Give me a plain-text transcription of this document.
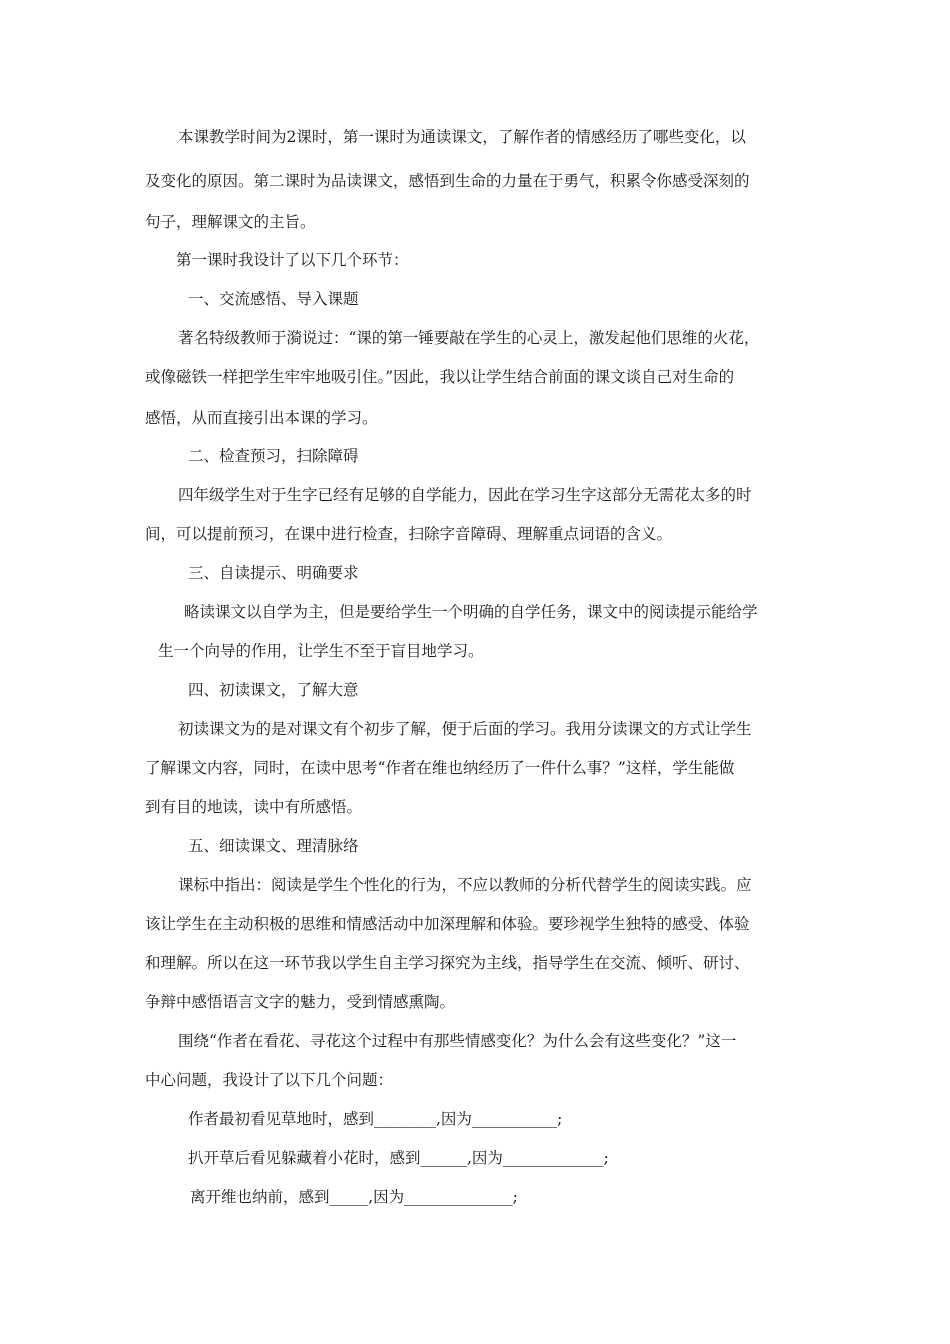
本课教学时间为2课时，第一课时为通读课文，了解作者的情感经历了哪些变化，以
及变化的原因。第二课时为品读课文，感悟到生命的力量在于勇气，积累令你感受深刻的
句子，理解课文的主旨。
第一课时我设计了以下几个环节：
一、交流感悟、导入课题
著名特级教师于漪说过：“课的第一锤要敲在学生的心灵上，激发起他们思维的火花，
或像磁铁一样把学生牢牢地吸引住。”因此，我以让学生结合前面的课文谈自己对生命的
感悟，从而直接引出本课的学习。
二、检查预习，扫除障碍
四年级学生对于生字已经有足够的自学能力，因此在学习生字这部分无需花太多的时
间，可以提前预习，在课中进行检查，扫除字音障碍、理解重点词语的含义。
三、自读提示、明确要求
略读课文以自学为主，但是要给学生一个明确的自学任务，课文中的阅读提示能给学
生一个向导的作用，让学生不至于盲目地学习。
四、初读课文，了解大意
初读课文为的是对课文有个初步了解，便于后面的学习。我用分读课文的方式让学生
了解课文内容，同时，在读中思考“作者在维也纳经历了一件什么事？”这样，学生能做
到有目的地读，读中有所感悟。
五、细读课文、理清脉络
课标中指出：阅读是学生个性化的行为，不应以教师的分析代替学生的阅读实践。应
该让学生在主动积极的思维和情感活动中加深理解和体验。要珍视学生独特的感受、体验
和理解。所以在这一环节我以学生自主学习探究为主线，指导学生在交流、倾听、研讨、
争辩中感悟语言文字的魅力，受到情感熏陶。
围绕“作者在看花、寻花这个过程中有那些情感变化？为什么会有这些变化？”这一
中心问题，我设计了以下几个问题：
作者最初看见草地时，感到________,因为___________;
扒开草后看见躲藏着小花时，感到______,因为_____________;
离开维也纳前，感到_____,因为______________;
